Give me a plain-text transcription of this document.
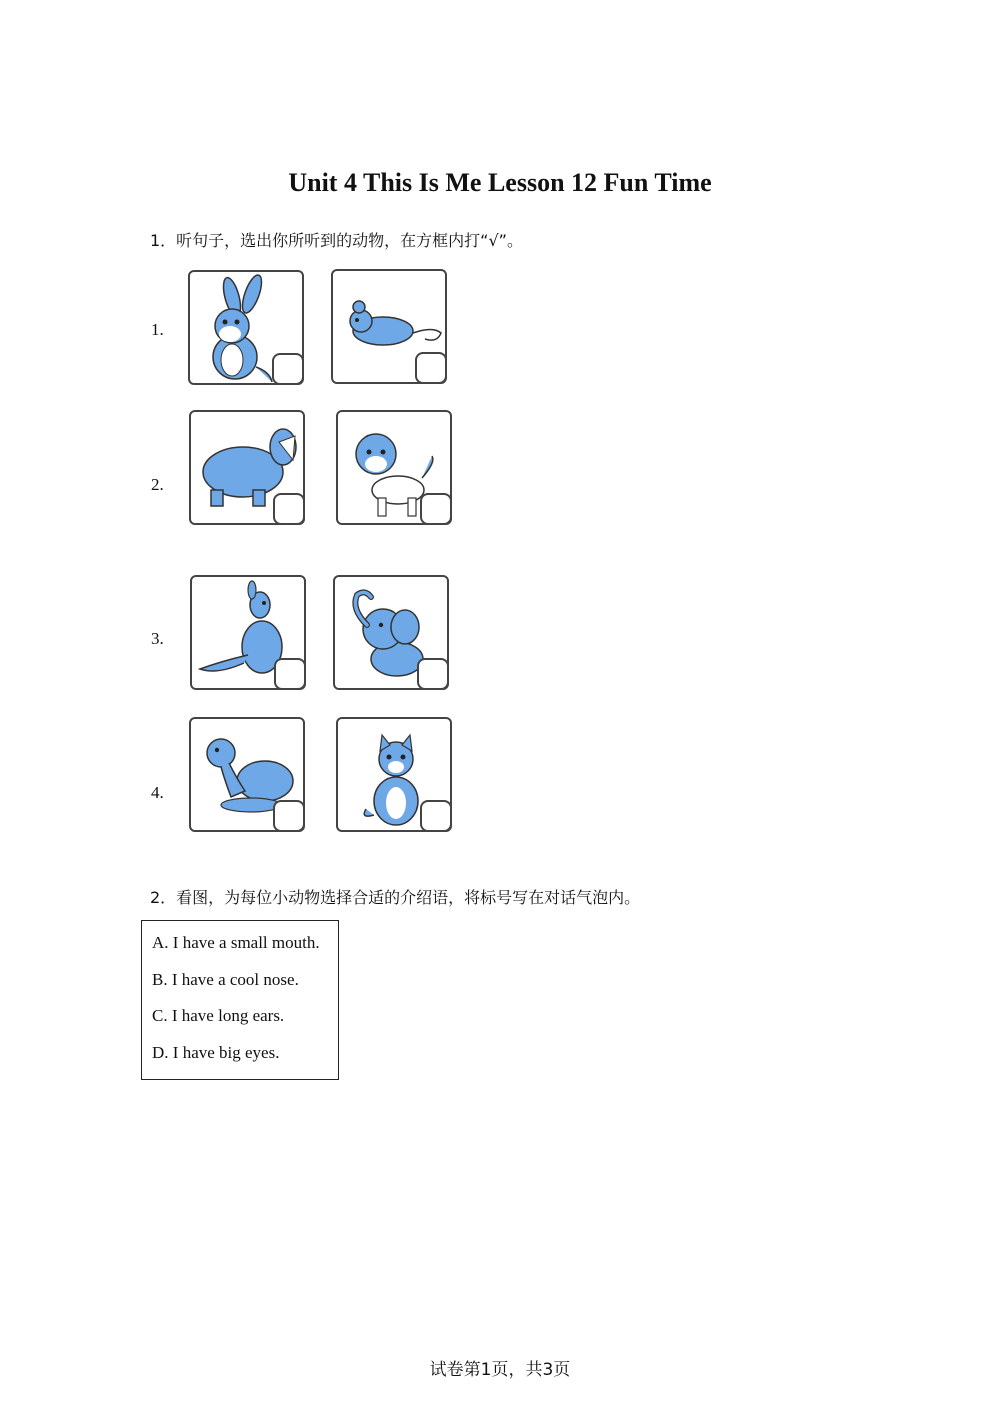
Unit 4 This Is Me Lesson 12 Fun Time
1．听句子，选出你所听到的动物，在方框内打“√”。
1.
2.
3.
4.
2．看图，为每位小动物选择合适的介绍语，将标号写在对话气泡内。
A. I have a small mouth.
B. I have a cool nose.
C. I have long ears.
D. I have big eyes.
试卷第1页，共3页
